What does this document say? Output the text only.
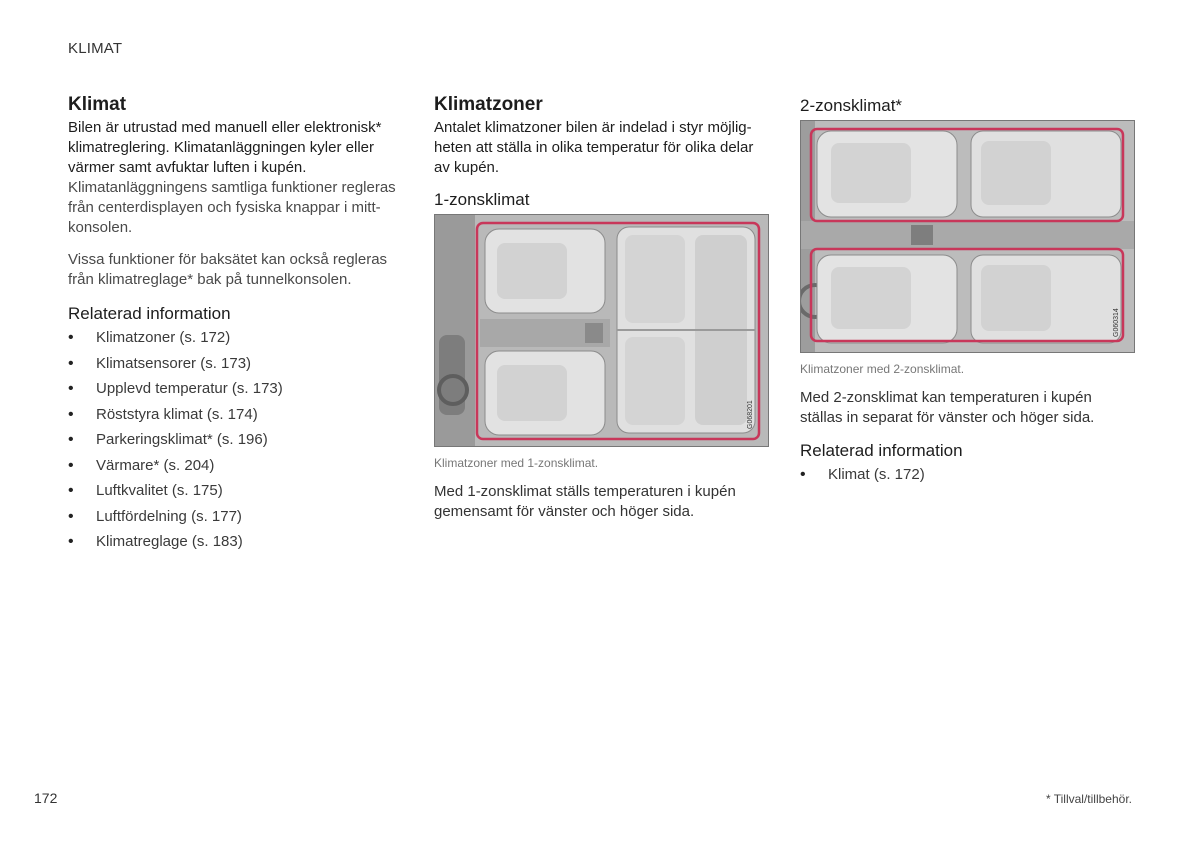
KLIMAT
Klimat

Bilen är utrustad med manuell eller elektronisk* klimatreglering. Klimatanläggningen kyler eller värmer samt avfuktar luften i kupén.

Klimatanläggningens samtliga funktioner regleras från centerdisplayen och fysiska knappar i mittkonsolen.

Vissa funktioner för baksätet kan också regleras från klimatreglage* bak på tunnelkonsolen.

Relaterad information
• Klimatzoner (s. 172)
• Klimatsensorer (s. 173)
• Upplevd temperatur (s. 173)
• Röststyra klimat (s. 174)
• Parkeringsklimat* (s. 196)
• Värmare* (s. 204)
• Luftkvalitet (s. 175)
• Luftfördelning (s. 177)
• Klimatreglage (s. 183)
Klimatzoner

Antalet klimatzoner bilen är indelad i styr möjligheten att ställa in olika temperatur för olika delar av kupén.

1-zonsklimat
G068201
Klimatzoner med 1-zonsklimat.

Med 1-zonsklimat ställs temperaturen i kupén gemensamt för vänster och höger sida.

2-zonsklimat*
G060314
Klimatzoner med 2-zonsklimat.

Med 2-zonsklimat kan temperaturen i kupén ställas in separat för vänster och höger sida.

Relaterad information
• Klimat (s. 172)
172	* Tillval/tillbehör.
